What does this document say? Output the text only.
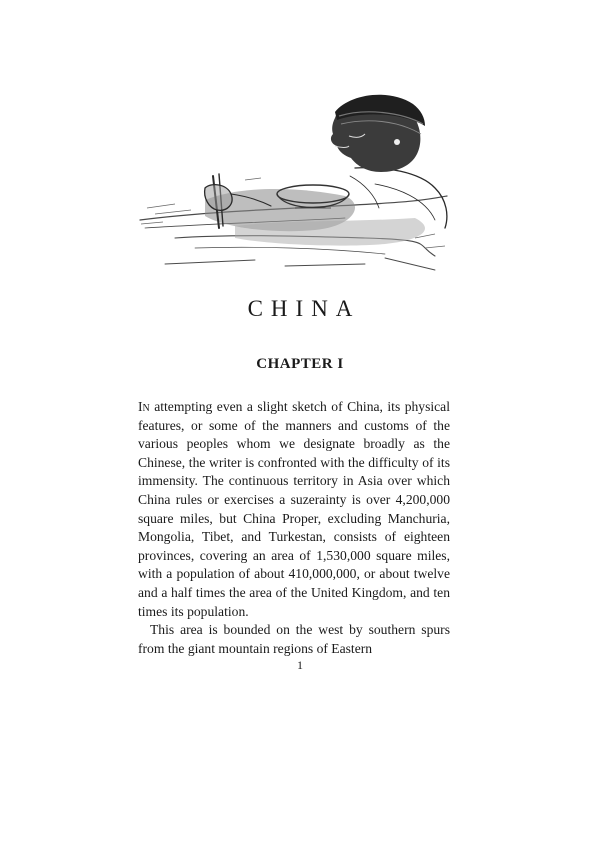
CHINA
CHAPTER I

In attempting even a slight sketch of China, its physical features, or some of the manners and customs of the various peoples whom we designate broadly as the Chinese, the writer is confronted with the difficulty of its immensity. The continuous territory in Asia over which China rules or exercises a suzerainty is over 4,200,000 square miles, but China Proper, excluding Manchuria, Mongolia, Tibet, and Turkestan, consists of eighteen provinces, covering an area of 1,530,000 square miles, with a population of about 410,000,000, or about twelve and a half times the area of the United Kingdom, and ten times its population.

This area is bounded on the west by southern spurs from the giant mountain regions of Eastern

1
